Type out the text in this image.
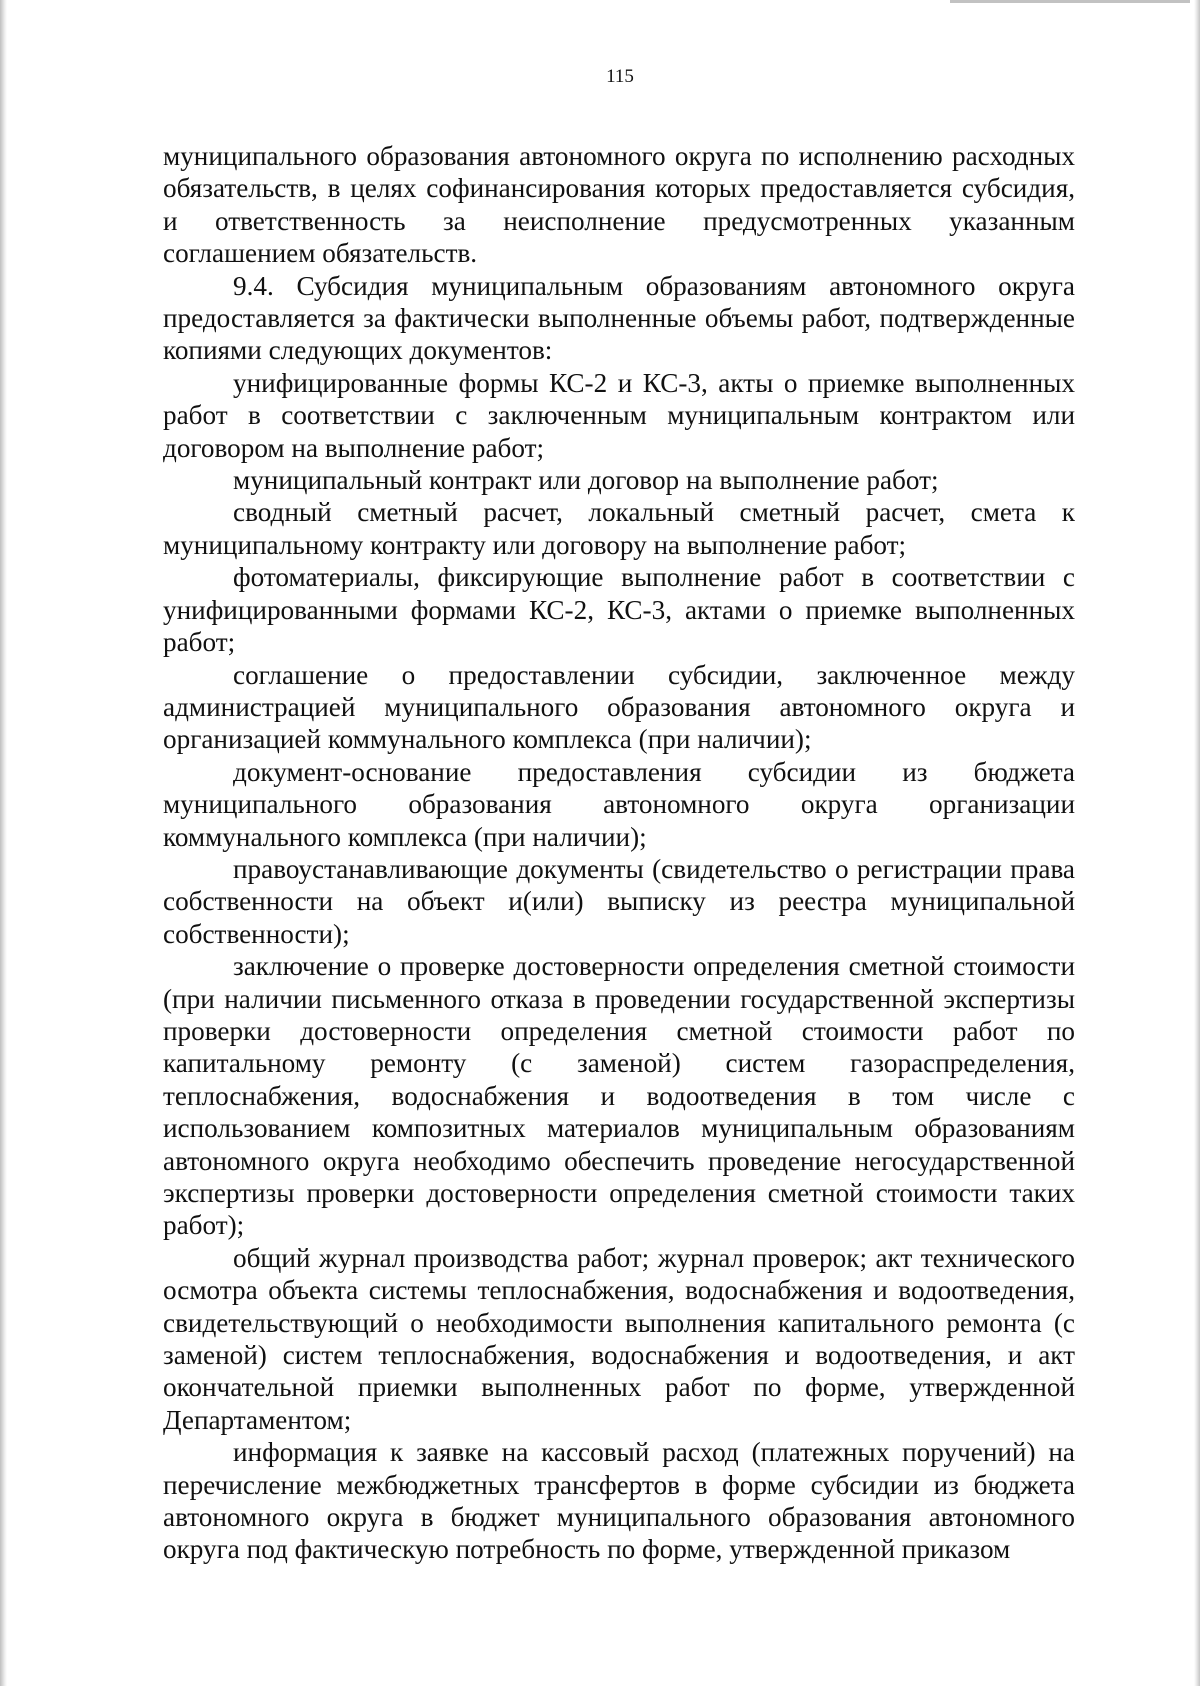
115

муниципального образования автономного округа по исполнению расходных обязательств, в целях софинансирования которых предоставляется субсидия, и ответственность за неисполнение предусмотренных указанным соглашением обязательств.

9.4. Субсидия муниципальным образованиям автономного округа предоставляется за фактически выполненные объемы работ, подтвержденные копиями следующих документов:

унифицированные формы КС-2 и КС-3, акты о приемке выполненных работ в соответствии с заключенным муниципальным контрактом или договором на выполнение работ;

муниципальный контракт или договор на выполнение работ;

сводный сметный расчет, локальный сметный расчет, смета к муниципальному контракту или договору на выполнение работ;

фотоматериалы, фиксирующие выполнение работ в соответствии с унифицированными формами КС-2, КС-3, актами о приемке выполненных работ;

соглашение о предоставлении субсидии, заключенное между администрацией муниципального образования автономного округа и организацией коммунального комплекса (при наличии);

документ-основание предоставления субсидии из бюджета муниципального образования автономного округа организации коммунального комплекса (при наличии);

правоустанавливающие документы (свидетельство о регистрации права собственности на объект и(или) выписку из реестра муниципальной собственности);

заключение о проверке достоверности определения сметной стоимости (при наличии письменного отказа в проведении государственной экспертизы проверки достоверности определения сметной стоимости работ по капитальному ремонту (с заменой) систем газораспределения, теплоснабжения, водоснабжения и водоотведения в том числе с использованием композитных материалов муниципальным образованиям автономного округа необходимо обеспечить проведение негосударственной экспертизы проверки достоверности определения сметной стоимости таких работ);

общий журнал производства работ; журнал проверок; акт технического осмотра объекта системы теплоснабжения, водоснабжения и водоотведения, свидетельствующий о необходимости выполнения капитального ремонта (с заменой) систем теплоснабжения, водоснабжения и водоотведения, и акт окончательной приемки выполненных работ по форме, утвержденной Департаментом;

информация к заявке на кассовый расход (платежных поручений) на перечисление межбюджетных трансфертов в форме субсидии из бюджета автономного округа в бюджет муниципального образования автономного округа под фактическую потребность по форме, утвержденной приказом
